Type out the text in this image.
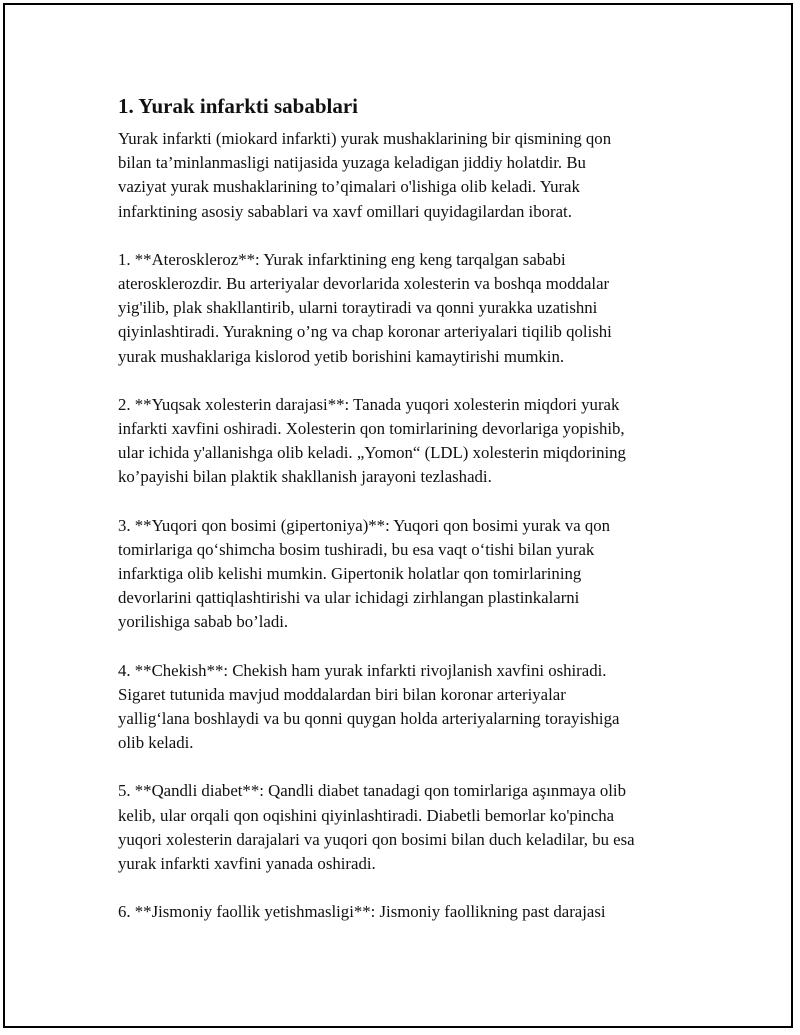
1. Yurak infarkti sabablari
Yurak infarkti (miokard infarkti) yurak mushaklarining bir qismining qon
bilan ta’minlanmasligi natijasida yuzaga keladigan jiddiy holatdir. Bu
vaziyat yurak mushaklarining to’qimalari o'lishiga olib keladi. Yurak
infarktining asosiy sabablari va xavf omillari quyidagilardan iborat.
1. **Ateroskleroz**: Yurak infarktining eng keng tarqalgan sababi
aterosklerozdir. Bu arteriyalar devorlarida xolesterin va boshqa moddalar
yig'ilib, plak shakllantirib, ularni toraytiradi va qonni yurakka uzatishni
qiyinlashtiradi. Yurakning o’ng va chap koronar arteriyalari tiqilib qolishi
yurak mushaklariga kislorod yetib borishini kamaytirishi mumkin.
2. **Yuqsak xolesterin darajasi**: Tanada yuqori xolesterin miqdori yurak
infarkti xavfini oshiradi. Xolesterin qon tomirlarining devorlariga yopishib,
ular ichida y'allanishga olib keladi. „Yomon“ (LDL) xolesterin miqdorining
ko’payishi bilan plaktik shakllanish jarayoni tezlashadi.
3. **Yuqori qon bosimi (gipertoniya)**: Yuqori qon bosimi yurak va qon
tomirlariga qo‘shimcha bosim tushiradi, bu esa vaqt o‘tishi bilan yurak
infarktiga olib kelishi mumkin. Gipertonik holatlar qon tomirlarining
devorlarini qattiqlashtirishi va ular ichidagi zirhlangan plastinkalarni
yorilishiga sabab bo’ladi.
4. **Chekish**: Chekish ham yurak infarkti rivojlanish xavfini oshiradi.
Sigaret tutunida mavjud moddalardan biri bilan koronar arteriyalar
yallig‘lana boshlaydi va bu qonni quygan holda arteriyalarning torayishiga
olib keladi.
5. **Qandli diabet**: Qandli diabet tanadagi qon tomirlariga aşınmaya olib
kelib, ular orqali qon oqishini qiyinlashtiradi. Diabetli bemorlar ko'pincha
yuqori xolesterin darajalari va yuqori qon bosimi bilan duch keladilar, bu esa
yurak infarkti xavfini yanada oshiradi.
6. **Jismoniy faollik yetishmasligi**: Jismoniy faollikning past darajasi
